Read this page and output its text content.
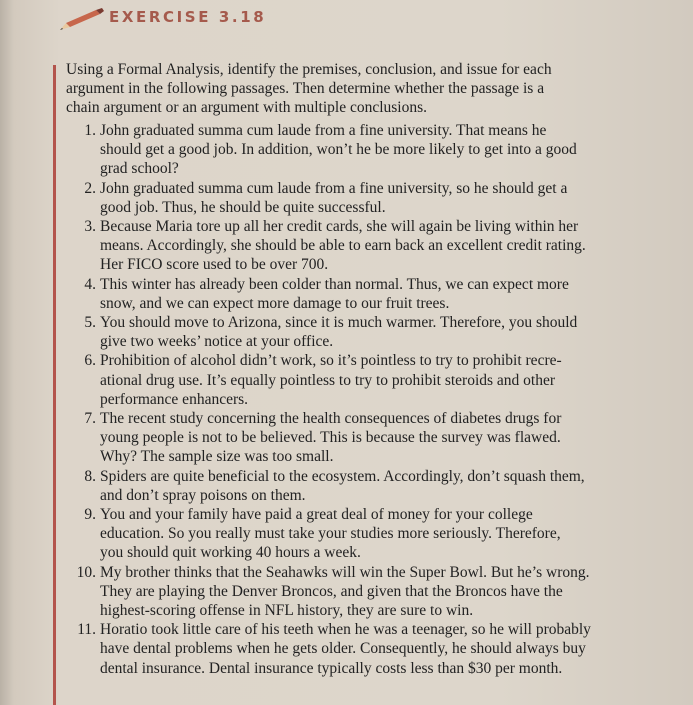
EXERCISE 3.18
Using a Formal Analysis, identify the premises, conclusion, and issue for each
argument in the following passages. Then determine whether the passage is a
chain argument or an argument with multiple conclusions.
1. John graduated summa cum laude from a fine university. That means he
should get a good job. In addition, won’t he be more likely to get into a good
grad school?
2. John graduated summa cum laude from a fine university, so he should get a
good job. Thus, he should be quite successful.
3. Because Maria tore up all her credit cards, she will again be living within her
means. Accordingly, she should be able to earn back an excellent credit rating.
Her FICO score used to be over 700.
4. This winter has already been colder than normal. Thus, we can expect more
snow, and we can expect more damage to our fruit trees.
5. You should move to Arizona, since it is much warmer. Therefore, you should
give two weeks’ notice at your office.
6. Prohibition of alcohol didn’t work, so it’s pointless to try to prohibit recre-
ational drug use. It’s equally pointless to try to prohibit steroids and other
performance enhancers.
7. The recent study concerning the health consequences of diabetes drugs for
young people is not to be believed. This is because the survey was flawed.
Why? The sample size was too small.
8. Spiders are quite beneficial to the ecosystem. Accordingly, don’t squash them,
and don’t spray poisons on them.
9. You and your family have paid a great deal of money for your college
education. So you really must take your studies more seriously. Therefore,
you should quit working 40 hours a week.
10. My brother thinks that the Seahawks will win the Super Bowl. But he’s wrong.
They are playing the Denver Broncos, and given that the Broncos have the
highest-scoring offense in NFL history, they are sure to win.
11. Horatio took little care of his teeth when he was a teenager, so he will probably
have dental problems when he gets older. Consequently, he should always buy
dental insurance. Dental insurance typically costs less than $30 per month.
